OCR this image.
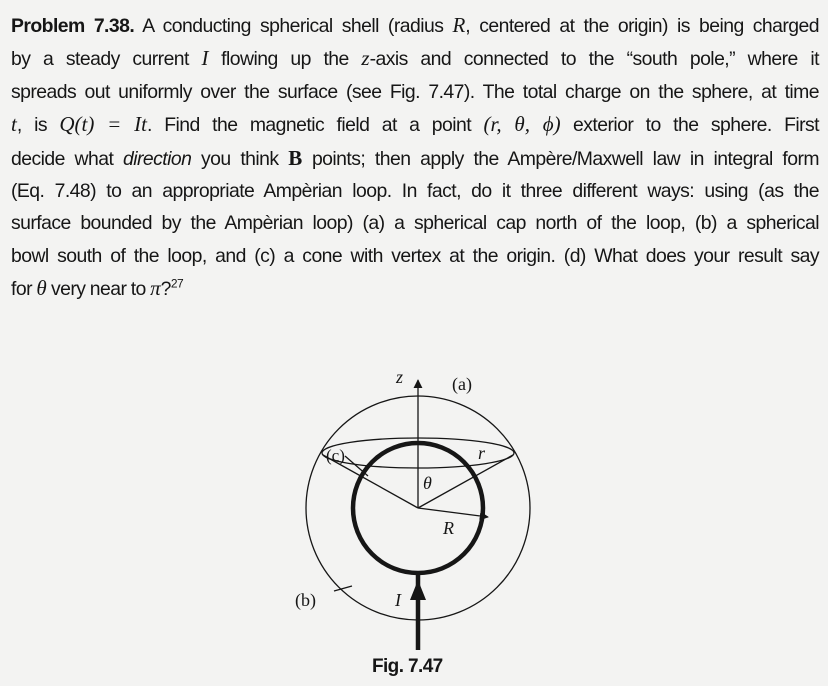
Problem 7.38. A conducting spherical shell (radius R, centered at the origin) is being charged
by a steady current I flowing up the z-axis and connected to the “south pole,” where it
spreads out uniformly over the surface (see Fig. 7.47). The total charge on the sphere, at time
t, is Q(t) = It. Find the magnetic field at a point (r, θ, ϕ) exterior to the sphere. First
decide what direction you think B points; then apply the Ampère/Maxwell law in integral form
(Eq. 7.48) to an appropriate Ampèrian loop. In fact, do it three different ways: using (as the
surface bounded by the Ampèrian loop) (a) a spherical cap north of the loop, (b) a spherical
bowl south of the loop, and (c) a cone with vertex at the origin. (d) What does your result say
for θ very near to π?$^{27}$

z	(a)
(c)	r
θ
R
(b)	I
Fig. 7.47
